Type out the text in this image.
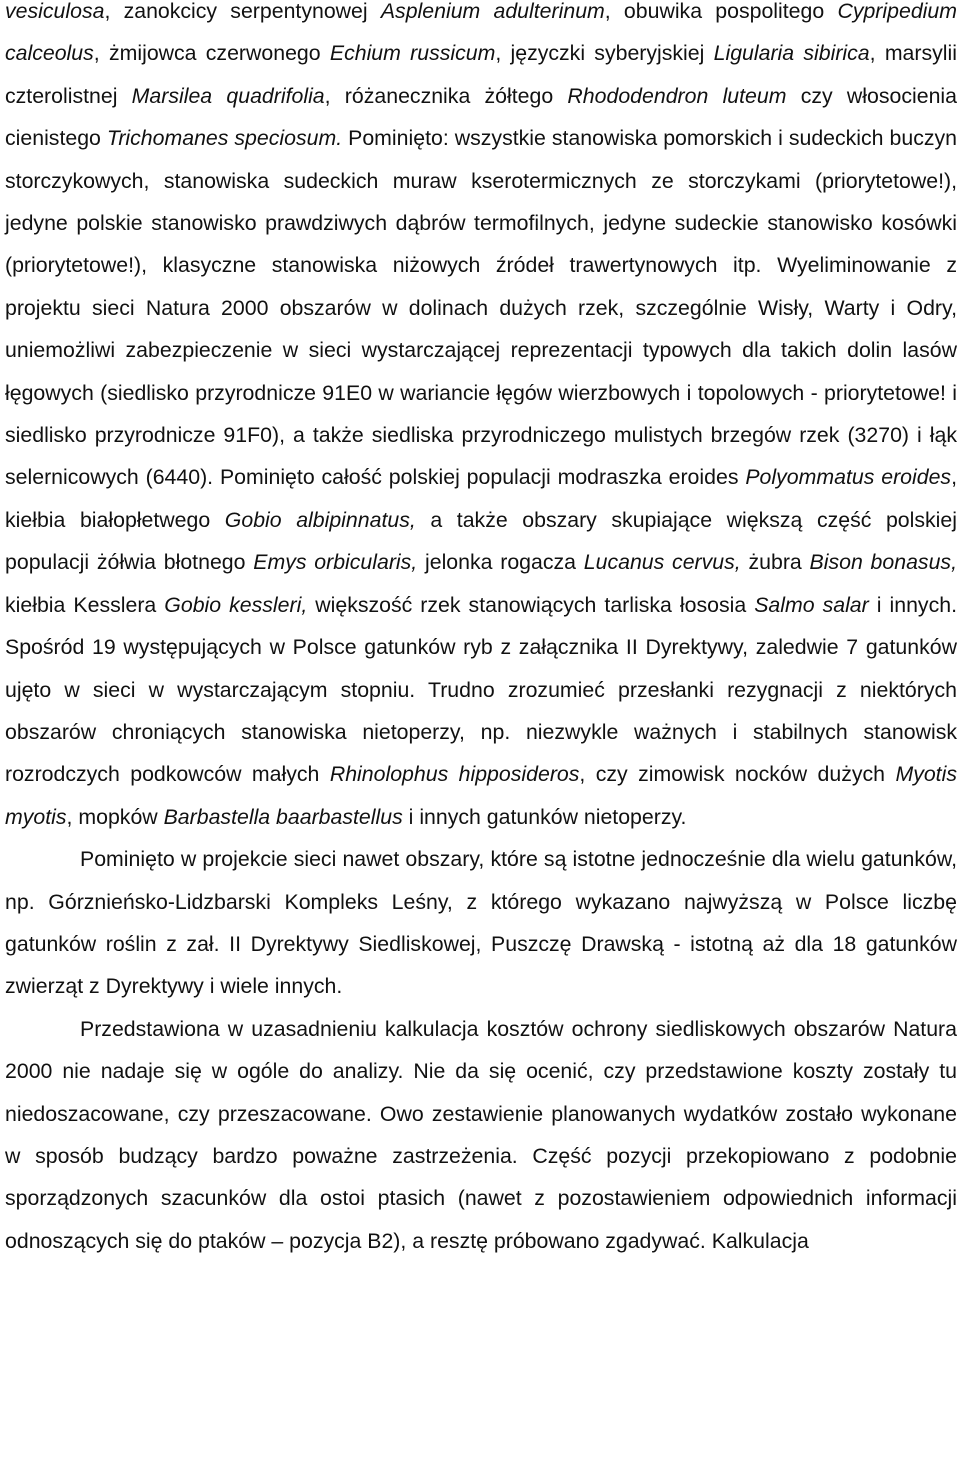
vesiculosa, zanokcicy serpentynowej Asplenium adulterinum, obuwika pospolitego Cypripedium calceolus, żmijowca czerwonego Echium russicum, języczki syberyjskiej Ligularia sibirica, marsylii czterolistnej Marsilea quadrifolia, różanecznika żółtego Rhododendron luteum czy włosocienia cienistego Trichomanes speciosum. Pominięto: wszystkie stanowiska pomorskich i sudeckich buczyn storczykowych, stanowiska sudeckich muraw kserotermicznych ze storczykami (priorytetowe!), jedyne polskie stanowisko prawdziwych dąbrów termofilnych, jedyne sudeckie stanowisko kosówki (priorytetowe!), klasyczne stanowiska niżowych źródeł trawertynowych itp. Wyeliminowanie z projektu sieci Natura 2000 obszarów w dolinach dużych rzek, szczególnie Wisły, Warty i Odry, uniemożliwi zabezpieczenie w sieci wystarczającej reprezentacji typowych dla takich dolin lasów łęgowych (siedlisko przyrodnicze 91E0 w wariancie łęgów wierzbowych i topolowych - priorytetowe! i siedlisko przyrodnicze 91F0), a także siedliska przyrodniczego mulistych brzegów rzek (3270) i łąk selernicowych (6440). Pominięto całość polskiej populacji modraszka eroides Polyommatus eroides, kiełbia białopłetwego Gobio albipinnatus, a także obszary skupiające większą część polskiej populacji żółwia błotnego Emys orbicularis, jelonka rogacza Lucanus cervus, żubra Bison bonasus, kiełbia Kesslera Gobio kessleri, większość rzek stanowiących tarliska łososia Salmo salar i innych. Spośród 19 występujących w Polsce gatunków ryb z załącznika II Dyrektywy, zaledwie 7 gatunków ujęto w sieci w wystarczającym stopniu. Trudno zrozumieć przesłanki rezygnacji z niektórych obszarów chroniących stanowiska nietoperzy, np. niezwykle ważnych i stabilnych stanowisk rozrodczych podkowców małych Rhinolophus hipposideros, czy zimowisk nocków dużych Myotis myotis, mopków Barbastella baarbastellus i innych gatunków nietoperzy.

Pominięto w projekcie sieci nawet obszary, które są istotne jednocześnie dla wielu gatunków, np. Górznieńsko-Lidzbarski Kompleks Leśny, z którego wykazano najwyższą w Polsce liczbę gatunków roślin z zał. II Dyrektywy Siedliskowej, Puszczę Drawską - istotną aż dla 18 gatunków zwierząt z Dyrektywy i wiele innych.

Przedstawiona w uzasadnieniu kalkulacja kosztów ochrony siedliskowych obszarów Natura 2000 nie nadaje się w ogóle do analizy. Nie da się ocenić, czy przedstawione koszty zostały tu niedoszacowane, czy przeszacowane. Owo zestawienie planowanych wydatków zostało wykonane w sposób budzący bardzo poważne zastrzeżenia. Część pozycji przekopiowano z podobnie sporządzonych szacunków dla ostoi ptasich (nawet z pozostawieniem odpowiednich informacji odnoszących się do ptaków – pozycja B2), a resztę próbowano zgadywać. Kalkulacja
